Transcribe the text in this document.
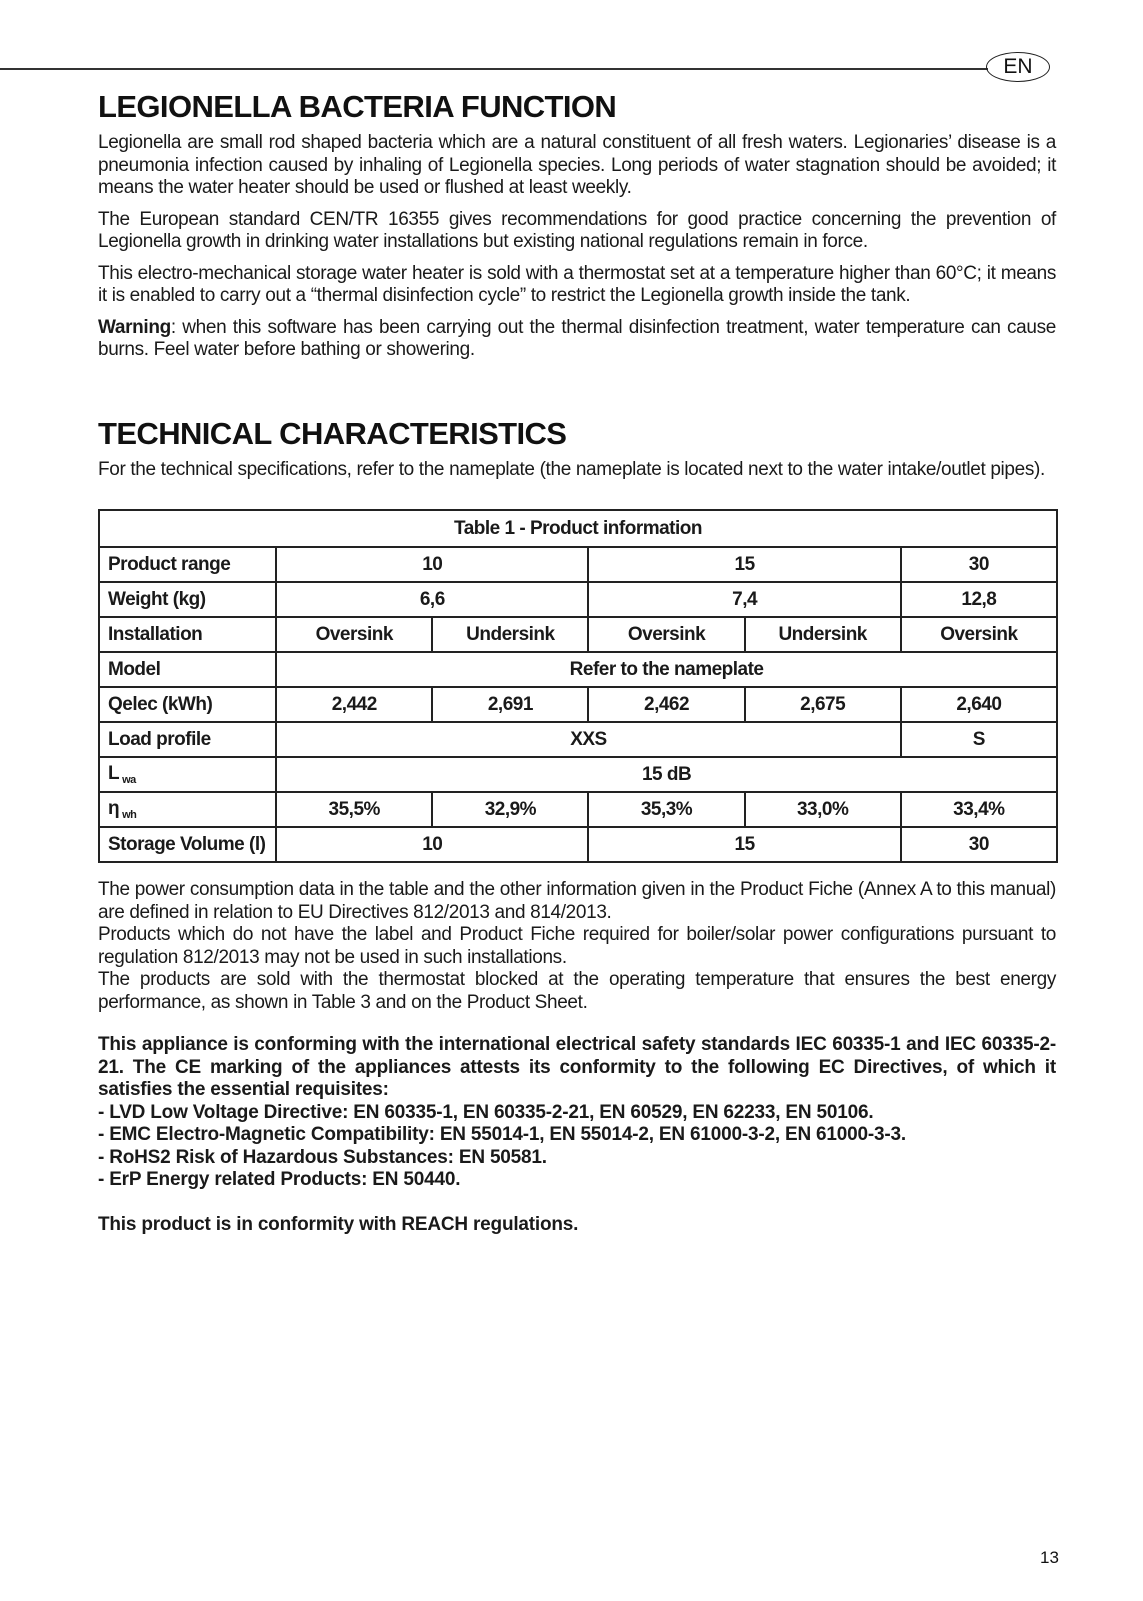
EN
LEGIONELLA BACTERIA FUNCTION

Legionella are small rod shaped bacteria which are a natural constituent of all fresh waters. Legionaries’ disease is a pneumonia infection caused by inhaling of Legionella species. Long periods of water stagnation should be avoided; it means the water heater should be used or flushed at least weekly.

The European standard CEN/TR 16355 gives recommendations for good practice concerning the prevention of Legionella growth in drinking water installations but existing national regulations remain in force.

This electro-mechanical storage water heater is sold with a thermostat set at a temperature higher than 60°C; it means it is enabled to carry out a “thermal disinfection cycle” to restrict the Legionella growth inside the tank.

Warning: when this software has been carrying out the thermal disinfection treatment, water temperature can cause burns. Feel water before bathing or showering.

TECHNICAL CHARACTERISTICS

For the technical specifications, refer to the nameplate (the nameplate is located next to the water intake/outlet pipes).

Table 1 - Product information					
Product range	10		15		30
Weight (kg)	6,6		7,4		12,8
Installation	Oversink	Undersink	Oversink	Undersink	Oversink
Model	Refer to the nameplate				
Qelec (kWh)	2,442	2,691	2,462	2,675	2,640
Load profile	XXS				S
L $_{wa}$	15 dB				
η $_{wh}$	35,5%	32,9%	35,3%	33,0%	33,4%
Storage Volume (l)	10		15		30

The power consumption data in the table and the other information given in the Product Fiche (Annex A to this manual) are defined in relation to EU Directives 812/2013 and 814/2013.

Products which do not have the label and Product Fiche required for boiler/solar power configurations pursuant to regulation 812/2013 may not be used in such installations.

The products are sold with the thermostat blocked at the operating temperature that ensures the best energy performance, as shown in Table 3 and on the Product Sheet.

This appliance is conforming with the international electrical safety standards IEC 60335-1 and IEC 60335-2-21. The CE marking of the appliances attests its conformity to the following EC Directives, of which it satisfies the essential requisites:

- LVD Low Voltage Directive: EN 60335-1, EN 60335-2-21, EN 60529, EN 62233, EN 50106.

- EMC Electro-Magnetic Compatibility: EN 55014-1, EN 55014-2, EN 61000-3-2, EN 61000-3-3.

- RoHS2 Risk of Hazardous Substances: EN 50581.

- ErP Energy related Products: EN 50440.

This product is in conformity with REACH regulations.

13
